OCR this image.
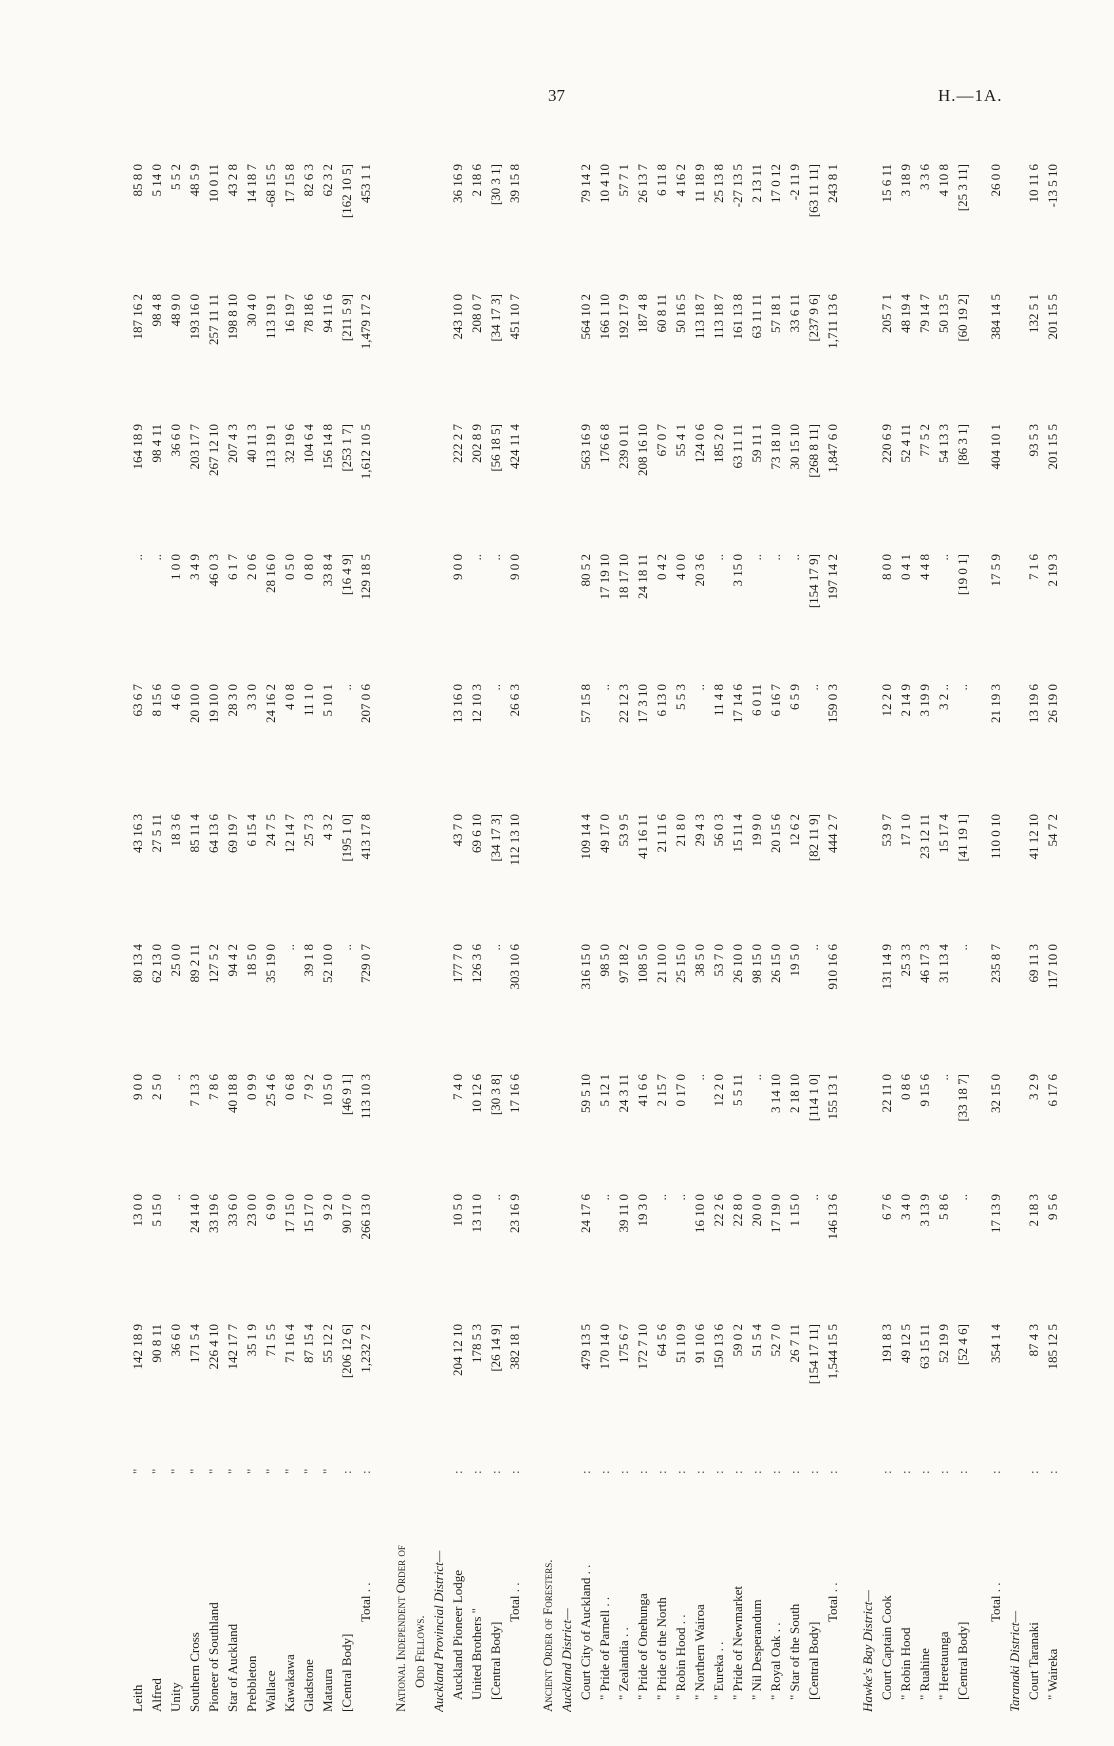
37	H.—1A.
Leith
"
142 18 9
13 0 0
9 0 0
80 13 4
43 16 3
63 6 7
..
164 18 9
187 16 2
85 8 0
Alfred
"
90 8 11
5 15 0
2 5 0
62 13 0
27 5 11
8 15 6
..
98 4 11
98 4 8
5 14 0
Unity
"
36 6 0
..
..
25 0 0
18 3 6
4 6 0
1 0 0
36 6 0
48 9 0
5 5 2
Southern Cross
"
171 5 4
24 14 0
7 13 3
89 2 11
85 11 4
20 10 0
3 4 9
203 17 7
193 16 0
48 5 9
Pioneer of Southland
"
226 4 10
33 19 6
7 8 6
127 5 2
64 13 6
19 10 0
46 0 3
267 12 10
257 11 11
10 0 11
Star of Auckland
"
142 17 7
33 6 0
40 18 8
94 4 2
69 19 7
28 3 0
6 1 7
207 4 3
198 8 10
43 2 8
Prebbleton
"
35 1 9
23 0 0
0 9 9
18 5 0
6 15 4
3 3 0
2 0 6
40 11 3
30 4 0
14 18 7
Wallace
"
71 5 5
6 9 0
25 4 6
35 19 0
24 7 5
24 16 2
28 16 0
113 19 1
113 19 1
-68 15 5
Kawakawa
"
71 16 4
17 15 0
0 6 8
..
12 14 7
4 0 8
0 5 0
32 19 6
16 19 7
17 15 8
Gladstone
"
87 15 4
15 17 0
7 9 2
39 1 8
25 7 3
11 1 0
0 8 0
104 6 4
78 18 6
82 6 3
Mataura
"
55 12 2
9 2 0
10 5 0
52 10 0
4 3 2
5 10 1
33 8 4
156 14 8
94 11 6
62 3 2
[Central Body]
:
[206 12 6]
90 17 0
[46 9 1]
..
[195 1 0]
..
[16 4 9]
[253 1 7]
[211 5 9]
[162 10 5]
Total . .
:
1,232 7 2
266 13 0
113 10 3
729 0 7
413 17 8
207 0 6
129 18 5
1,612 10 5
1,479 17 2
453 1 1
National Independent Order of Odd Fellows. Auckland Provincial District— Auckland Pioneer Lodge
:
204 12 10
10 5 0
7 4 0
177 7 0
43 7 0
13 16 0
9 0 0
222 2 7
243 10 0
36 16 9
United Brothers "
:
178 5 3
13 11 0
10 12 6
126 3 6
69 6 10
12 10 3
..
202 8 9
208 0 7
2 18 6
[Central Body]
:
[26 14 9]
..
[30 3 8]
..
[34 17 3]
..
..
[56 18 5]
[34 17 3]
[30 3 1]
Total . .
:
382 18 1
23 16 9
17 16 6
303 10 6
112 13 10
26 6 3
9 0 0
424 11 4
451 10 7
39 15 8
Ancient Order of Foresters. Auckland District— Court City of Auckland . .
:
479 13 5
24 17 6
59 5 10
316 15 0
109 14 4
57 15 8
80 5 2
563 16 9
564 10 2
79 14 2
" Pride of Parnell . .
:
170 14 0
..
5 12 1
98 5 0
49 17 0
..
17 19 10
176 6 8
166 1 10
10 4 10
" Zealandia . .
:
175 6 7
39 11 0
24 3 11
97 18 2
53 9 5
22 12 3
18 17 10
239 0 11
192 17 9
57 7 1
" Pride of Onehunga
:
172 7 10
19 3 0
41 6 6
108 5 0
41 16 11
17 3 10
24 18 11
208 16 10
187 4 8
26 13 7
" Pride of the North
:
64 5 6
..
2 15 7
21 10 0
21 11 6
6 13 0
0 4 2
67 0 7
60 8 11
6 11 8
" Robin Hood . .
:
51 10 9
..
0 17 0
25 15 0
21 8 0
5 5 3
4 0 0
55 4 1
50 16 5
4 16 2
" Northern Wairoa
:
91 10 6
16 10 0
..
38 5 0
29 4 3
..
20 3 6
124 0 6
113 18 7
11 18 9
" Eureka . .
:
150 13 6
22 2 6
12 2 0
53 7 0
56 0 3
11 4 8
..
185 2 0
113 18 7
25 13 8
" Pride of Newmarket
:
59 0 2
22 8 0
5 5 11
26 10 0
15 11 4
17 14 6
3 15 0
63 11 11
161 13 8
-27 13 5
" Nil Desperandum
:
51 5 4
20 0 0
..
98 15 0
19 9 0
6 0 11
..
59 11 1
63 11 11
2 13 11
" Royal Oak . .
:
52 7 0
17 19 0
3 14 10
26 15 0
20 15 6
6 16 7
..
73 18 10
57 18 1
17 0 12
" Star of the South
:
26 7 11
1 15 0
2 18 10
19 5 0
12 6 2
6 5 9
..
30 15 10
33 6 11
-2 11 9
[Central Body]
:
[154 17 11]
..
[114 1 0]
..
[82 11 9]
..
[154 17 9]
[268 8 11]
[237 9 6]
[63 11 11]
Total . .
:
1,544 15 5
146 13 6
155 13 1
910 16 6
444 2 7
159 0 3
197 14 2
1,847 6 0
1,711 13 6
243 8 1
Hawke's Bay District— Court Captain Cook
:
191 8 3
6 7 6
22 11 0
131 14 9
53 9 7
12 2 0
8 0 0
220 6 9
205 7 1
15 6 11
" Robin Hood
:
49 12 5
3 4 0
0 8 6
25 3 3
17 1 0
2 14 9
0 4 1
52 4 11
48 19 4
3 18 9
" Ruahine
:
63 15 11
3 13 9
9 15 6
46 17 3
23 12 11
3 19 9
4 4 8
77 5 2
79 14 7
3 3 6
" Heretaunga
:
52 19 9
5 8 6
..
31 13 4
15 17 4
3 2 ..
..
54 13 3
50 13 5
4 10 8
[Central Body]
:
[52 4 6]
..
[33 18 7]
..
[41 19 1]
..
[19 0 1]
[86 3 1]
[60 19 2]
[25 3 11]
Total . .
:
354 1 4
17 13 9
32 15 0
235 8 7
110 0 10
21 19 3
17 5 9
404 10 1
384 14 5
26 0 0
Taranaki District— Court Taranaki
:
87 4 3
2 18 3
3 2 9
69 11 3
41 12 10
13 19 6
7 1 6
93 5 3
132 5 1
10 11 6
" Waireka
:
185 12 5
9 5 6
6 17 6
117 10 0
54 7 2
26 19 0
2 19 3
201 15 5
201 15 5
-13 5 10
